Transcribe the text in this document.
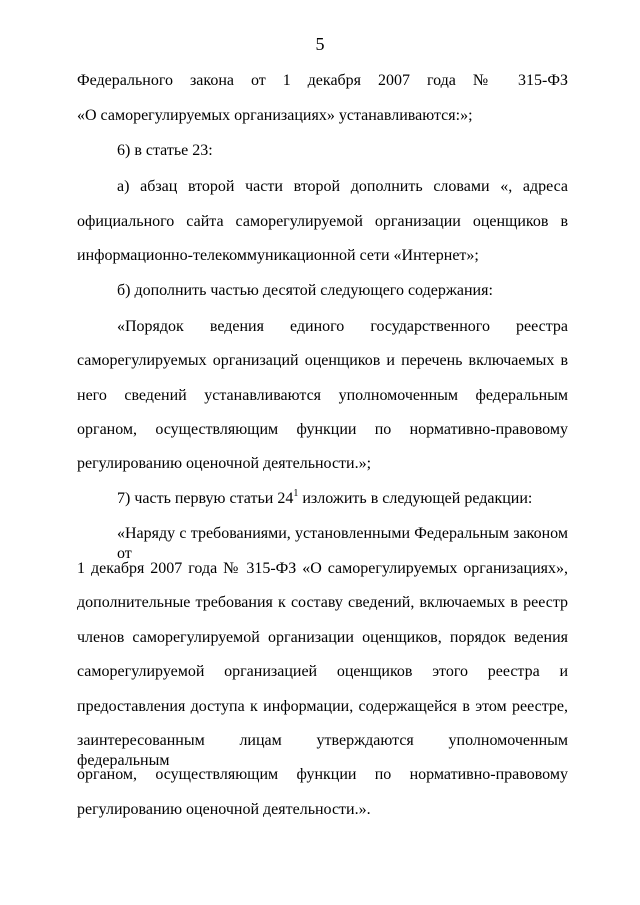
5
Федерального закона от 1 декабря 2007 года № 315-ФЗ
«О саморегулируемых организациях» устанавливаются:»;
6) в статье 23:
а) абзац второй части второй дополнить словами «, адреса
официального сайта саморегулируемой организации оценщиков в
информационно-телекоммуникационной сети «Интернет»;
б) дополнить частью десятой следующего содержания:
«Порядок ведения единого государственного реестра
саморегулируемых организаций оценщиков и перечень включаемых в
него сведений устанавливаются уполномоченным федеральным
органом, осуществляющим функции по нормативно-правовому
регулированию оценочной деятельности.»;
7) часть первую статьи $24^1$ изложить в следующей редакции:
«Наряду с требованиями, установленными Федеральным законом от
1 декабря 2007 года № 315-ФЗ «О саморегулируемых организациях»,
дополнительные требования к составу сведений, включаемых в реестр
членов саморегулируемой организации оценщиков, порядок ведения
саморегулируемой организацией оценщиков этого реестра и
предоставления доступа к информации, содержащейся в этом реестре,
заинтересованным лицам утверждаются уполномоченным федеральным
органом, осуществляющим функции по нормативно-правовому
регулированию оценочной деятельности.».
